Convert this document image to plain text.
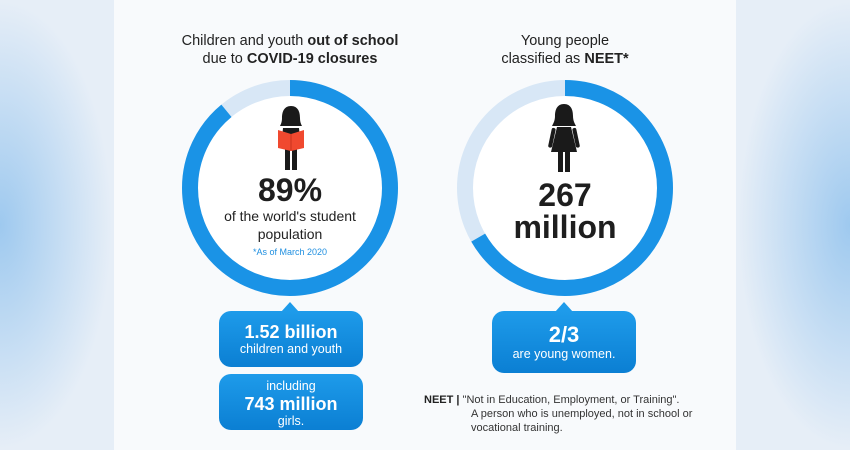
Children and youth out of school
due to COVID-19 closures
89%
of the world's student
population
*As of March 2020
1.52 billion
children and youth
including
743 million
girls.
Young people
classified as NEET*
267
million
2/3
are young women.
NEET | "Not in Education, Employment, or Training".
A person who is unemployed, not in school or
vocational training.
